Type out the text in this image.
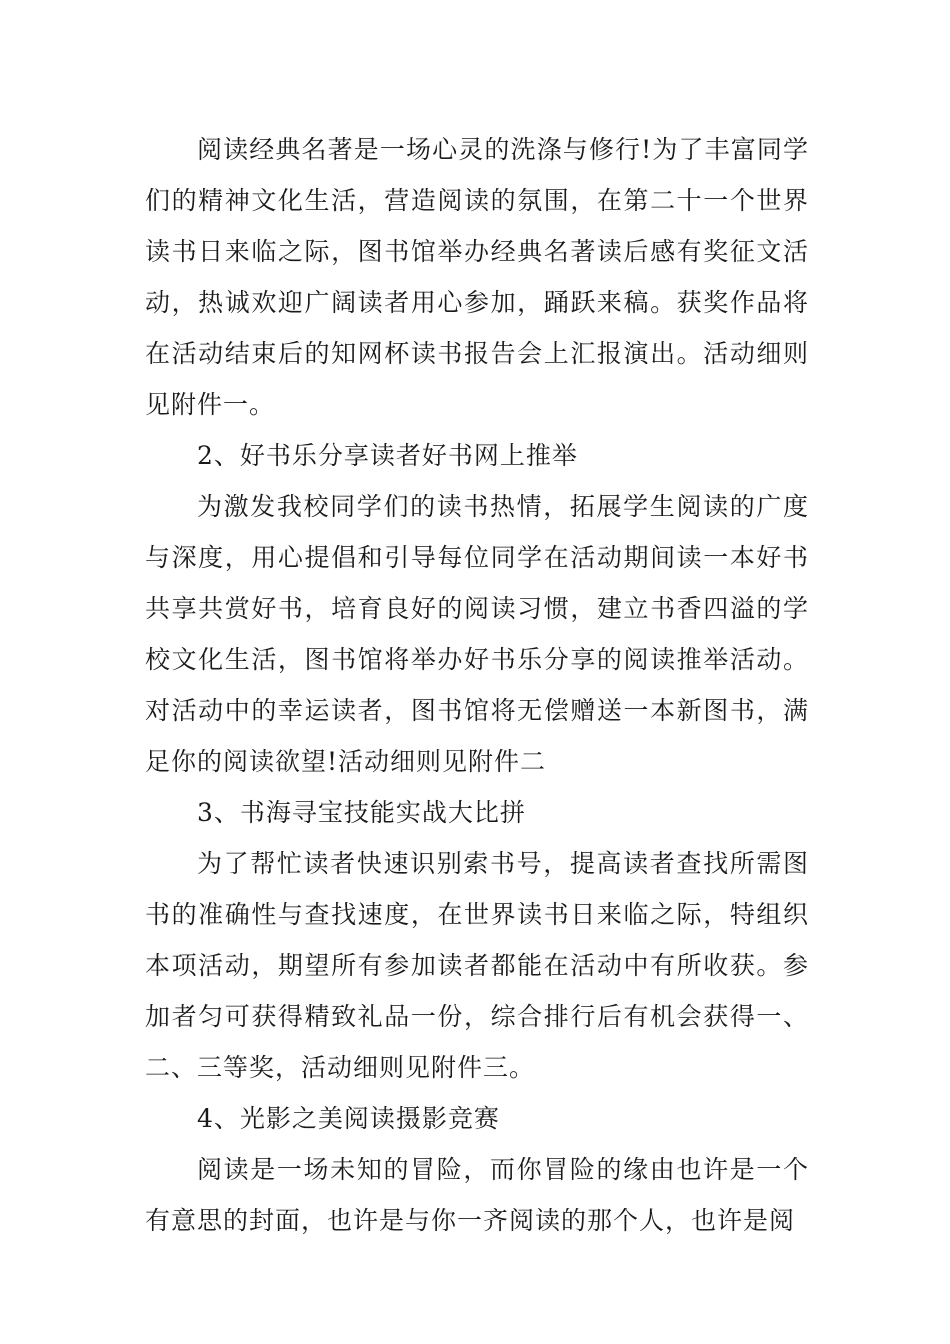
阅读经典名著是一场心灵的洗涤与修行!为了丰富同学们的精神文化生活，营造阅读的氛围，在第二十一个世界读书日来临之际，图书馆举办经典名著读后感有奖征文活动，热诚欢迎广阔读者用心参加，踊跃来稿。获奖作品将在活动结束后的知网杯读书报告会上汇报演出。活动细则见附件一。

2、好书乐分享读者好书网上推举

为激发我校同学们的读书热情，拓展学生阅读的广度与深度，用心提倡和引导每位同学在活动期间读一本好书共享共赏好书，培育良好的阅读习惯，建立书香四溢的学校文化生活，图书馆将举办好书乐分享的阅读推举活动。对活动中的幸运读者，图书馆将无偿赠送一本新图书，满足你的阅读欲望!活动细则见附件二

3、书海寻宝技能实战大比拼

为了帮忙读者快速识别索书号，提高读者查找所需图书的准确性与查找速度，在世界读书日来临之际，特组织本项活动，期望所有参加读者都能在活动中有所收获。参加者匀可获得精致礼品一份，综合排行后有机会获得一、二、三等奖，活动细则见附件三。

4、光影之美阅读摄影竞赛

阅读是一场未知的冒险，而你冒险的缘由也许是一个有意思的封面，也许是与你一齐阅读的那个人，也许是阅
